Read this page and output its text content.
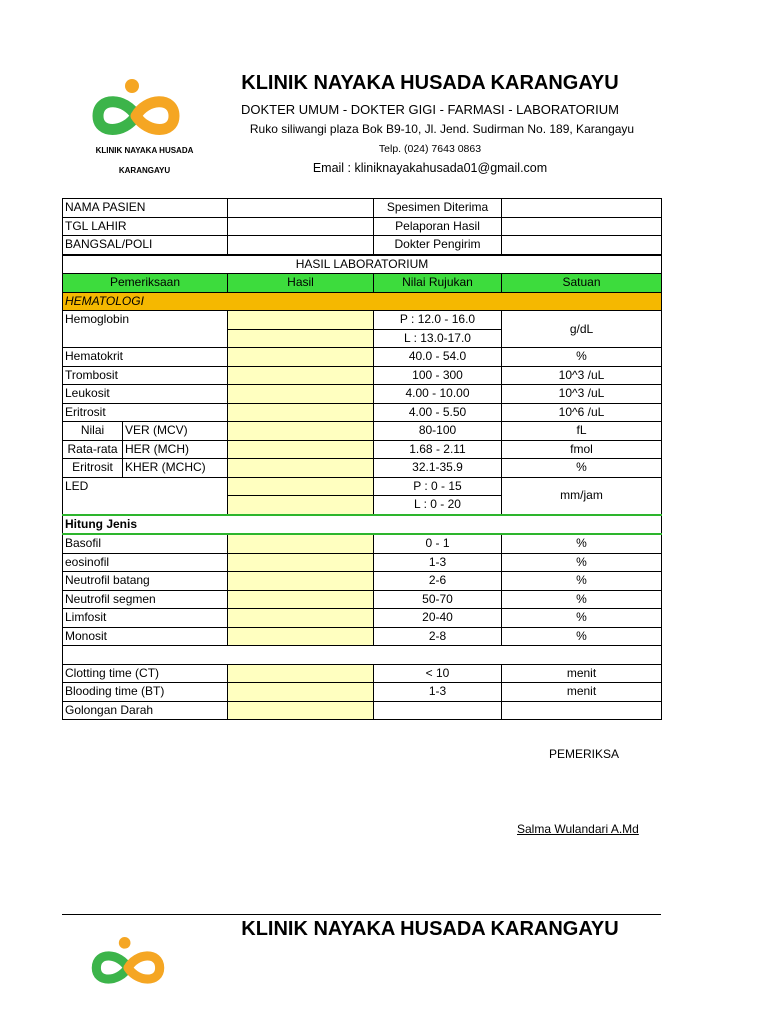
KLINIK NAYAKA HUSADA
KARANGAYU
KLINIK NAYAKA HUSADA KARANGAYU
DOKTER UMUM - DOKTER GIGI - FARMASI - LABORATORIUM
Ruko siliwangi plaza Bok B9-10, Jl. Jend. Sudirman No. 189, Karangayu
Telp. (024) 7643 0863
Email : kliniknayakahusada01@gmail.com
NAMA PASIEN			Spesimen Diterima	
TGL LAHIR			Pelaporan Hasil	
BANGSAL/POLI			Dokter Pengirim	
HASIL LABORATORIUM				
Pemeriksaan		Hasil	Nilai Rujukan	Satuan
HEMATOLOGI				
Hemoglobin			P : 12.0 - 16.0	g/dL
			L : 13.0-17.0	
Hematokrit			40.0 - 54.0	%
Trombosit			100 - 300	10^3 /uL
Leukosit			4.00 - 10.00	10^3 /uL
Eritrosit			4.00 - 5.50	10^6 /uL
Nilai	VER (MCV)		80-100	fL
Rata-rata	HER (MCH)		1.68 - 2.11	fmol
Eritrosit	KHER (MCHC)		32.1-35.9	%
LED			P : 0 - 15	mm/jam
			L : 0 - 20	
Hitung Jenis				
Basofil			0 - 1	%
eosinofil			1-3	%
Neutrofil batang			2-6	%
Neutrofil segmen			50-70	%
Limfosit			20-40	%
Monosit			2-8	%

Clotting time (CT)			< 10	menit
Blooding time (BT)			1-3	menit
Golongan Darah				
PEMERIKSA
Salma Wulandari A.Md
KLINIK NAYAKA HUSADA KARANGAYU
